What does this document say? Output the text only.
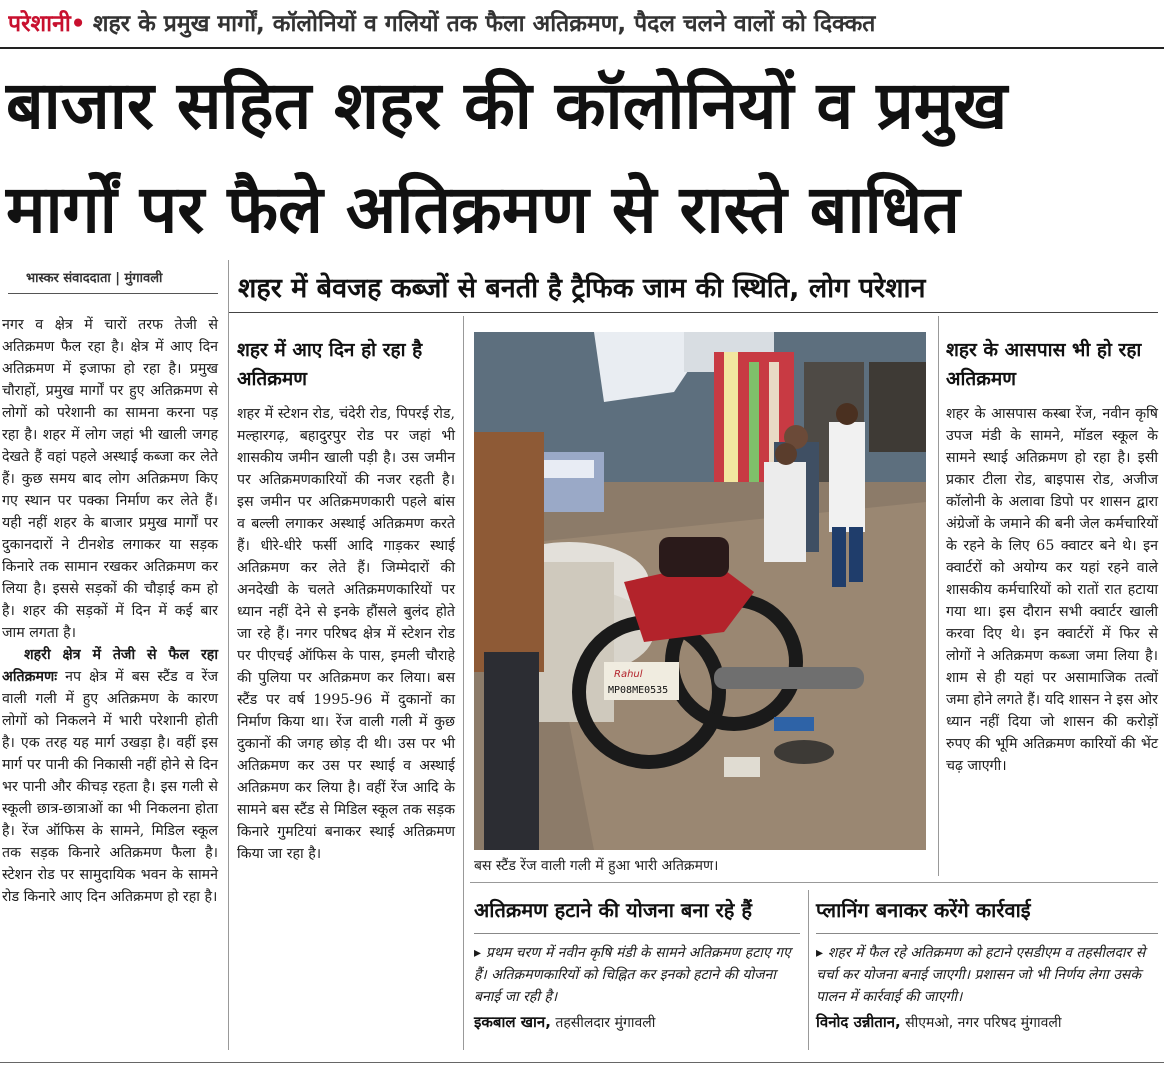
परेशानी• शहर के प्रमुख मार्गों, कॉलोनियों व गलियों तक फैला अतिक्रमण, पैदल चलने वालों को दिक्कत
बाजार सहित शहर की कॉलोनियों व प्रमुख
मार्गों पर फैले अतिक्रमण से रास्ते बाधित
भास्कर संवाददाता | मुंगावली	शहर में बेवजह कब्जों से बनती है ट्रैफिक जाम की स्थिति, लोग परेशान

नगर व क्षेत्र में चारों तरफ तेजी से अतिक्रमण फैल रहा है। क्षेत्र में आए दिन अतिक्रमण में इजाफा हो रहा है। प्रमुख चौराहों, प्रमुख मार्गों पर हुए अतिक्रमण से लोगों को परेशानी का सामना करना पड़ रहा है। शहर में लोग जहां भी खाली जगह देखते हैं वहां पहले अस्थाई कब्जा कर लेते हैं। कुछ समय बाद लोग अतिक्रमण किए गए स्थान पर पक्का निर्माण कर लेते हैं। यही नहीं शहर के बाजार प्रमुख मार्गों पर दुकानदारों ने टीनशेड लगाकर या सड़क किनारे तक सामान रखकर अतिक्रमण कर लिया है। इससे सड़कों की चौड़ाई कम हो है। शहर की सड़कों में दिन में कई बार जाम लगता है।

शहरी क्षेत्र में तेजी से फैल रहा अतिक्रमणः नप क्षेत्र में बस स्टैंड व रेंज वाली गली में हुए अतिक्रमण के कारण लोगों को निकलने में भारी परेशानी होती है। एक तरह यह मार्ग उखड़ा है। वहीं इस मार्ग पर पानी की निकासी नहीं होने से दिन भर पानी और कीचड़ रहता है। इस गली से स्कूली छात्र-छात्राओं का भी निकलना होता है। रेंज ऑफिस के सामने, मिडिल स्कूल तक सड़क किनारे अतिक्रमण फैला है। स्टेशन रोड पर सामुदायिक भवन के सामने रोड किनारे आए दिन अतिक्रमण हो रहा है।

शहर में आए दिन हो रहा है अतिक्रमण

शहर में स्टेशन रोड, चंदेरी रोड, पिपरई रोड, मल्हारगढ़, बहादुरपुर रोड पर जहां भी शासकीय जमीन खाली पड़ी है। उस जमीन पर अतिक्रमणकारियों की नजर रहती है। इस जमीन पर अतिक्रमणकारी पहले बांस व बल्ली लगाकर अस्थाई अतिक्रमण करते हैं। धीरे-धीरे फर्सी आदि गाड़कर स्थाई अतिक्रमण कर लेते हैं। जिम्मेदारों की अनदेखी के चलते अतिक्रमणकारियों पर ध्यान नहीं देने से इनके हौंसले बुलंद होते जा रहे हैं। नगर परिषद क्षेत्र में स्टेशन रोड पर पीएचई ऑफिस के पास, इमली चौराहे की पुलिया पर अतिक्रमण कर लिया। बस स्टैंड पर वर्ष 1995-96 में दुकानों का निर्माण किया था। रेंज वाली गली में कुछ दुकानों की जगह छोड़ दी थी। उस पर भी अतिक्रमण कर उस पर स्थाई व अस्थाई अतिक्रमण कर लिया है। वहीं रेंज आदि के सामने बस स्टैंड से मिडिल स्कूल तक सड़क किनारे गुमटियां बनाकर स्थाई अतिक्रमण किया जा रहा है।

Rahul
MP08ME0535
बस स्टैंड रेंज वाली गली में हुआ भारी अतिक्रमण।
शहर के आसपास भी हो रहा अतिक्रमण

शहर के आसपास कस्बा रेंज, नवीन कृषि उपज मंडी के सामने, मॉडल स्कूल के सामने स्थाई अतिक्रमण हो रहा है। इसी प्रकार टीला रोड, बाइपास रोड, अजीज कॉलोनी के अलावा डिपो पर शासन द्वारा अंग्रेजों के जमाने की बनी जेल कर्मचारियों के रहने के लिए 65 क्वाटर बने थे। इन क्वार्टरों को अयोग्य कर यहां रहने वाले शासकीय कर्मचारियों को रातों रात हटाया गया था। इस दौरान सभी क्वार्टर खाली करवा दिए थे। इन क्वार्टरों में फिर से लोगों ने अतिक्रमण कब्जा जमा लिया है। शाम से ही यहां पर असामाजिक तत्वों जमा होने लगते हैं। यदि शासन ने इस ओर ध्यान नहीं दिया जो शासन की करोड़ों रुपए की भूमि अतिक्रमण कारियों की भेंट चढ़ जाएगी।

अतिक्रमण हटाने की योजना बना रहे हैं

▸ प्रथम चरण में नवीन कृषि मंडी के सामने अतिक्रमण हटाए गए हैं। अतिक्रमणकारियों को चिह्नित कर इनको हटाने की योजना बनाई जा रही है।

इकबाल खान, तहसीलदार मुंगावली
प्लानिंग बनाकर करेंगे कार्रवाई

▸ शहर में फैल रहे अतिक्रमण को हटाने एसडीएम व तहसीलदार से चर्चा कर योजना बनाई जाएगी। प्रशासन जो भी निर्णय लेगा उसके पालन में कार्रवाई की जाएगी।

विनोद उन्नीतान, सीएमओ, नगर परिषद मुंगावली
